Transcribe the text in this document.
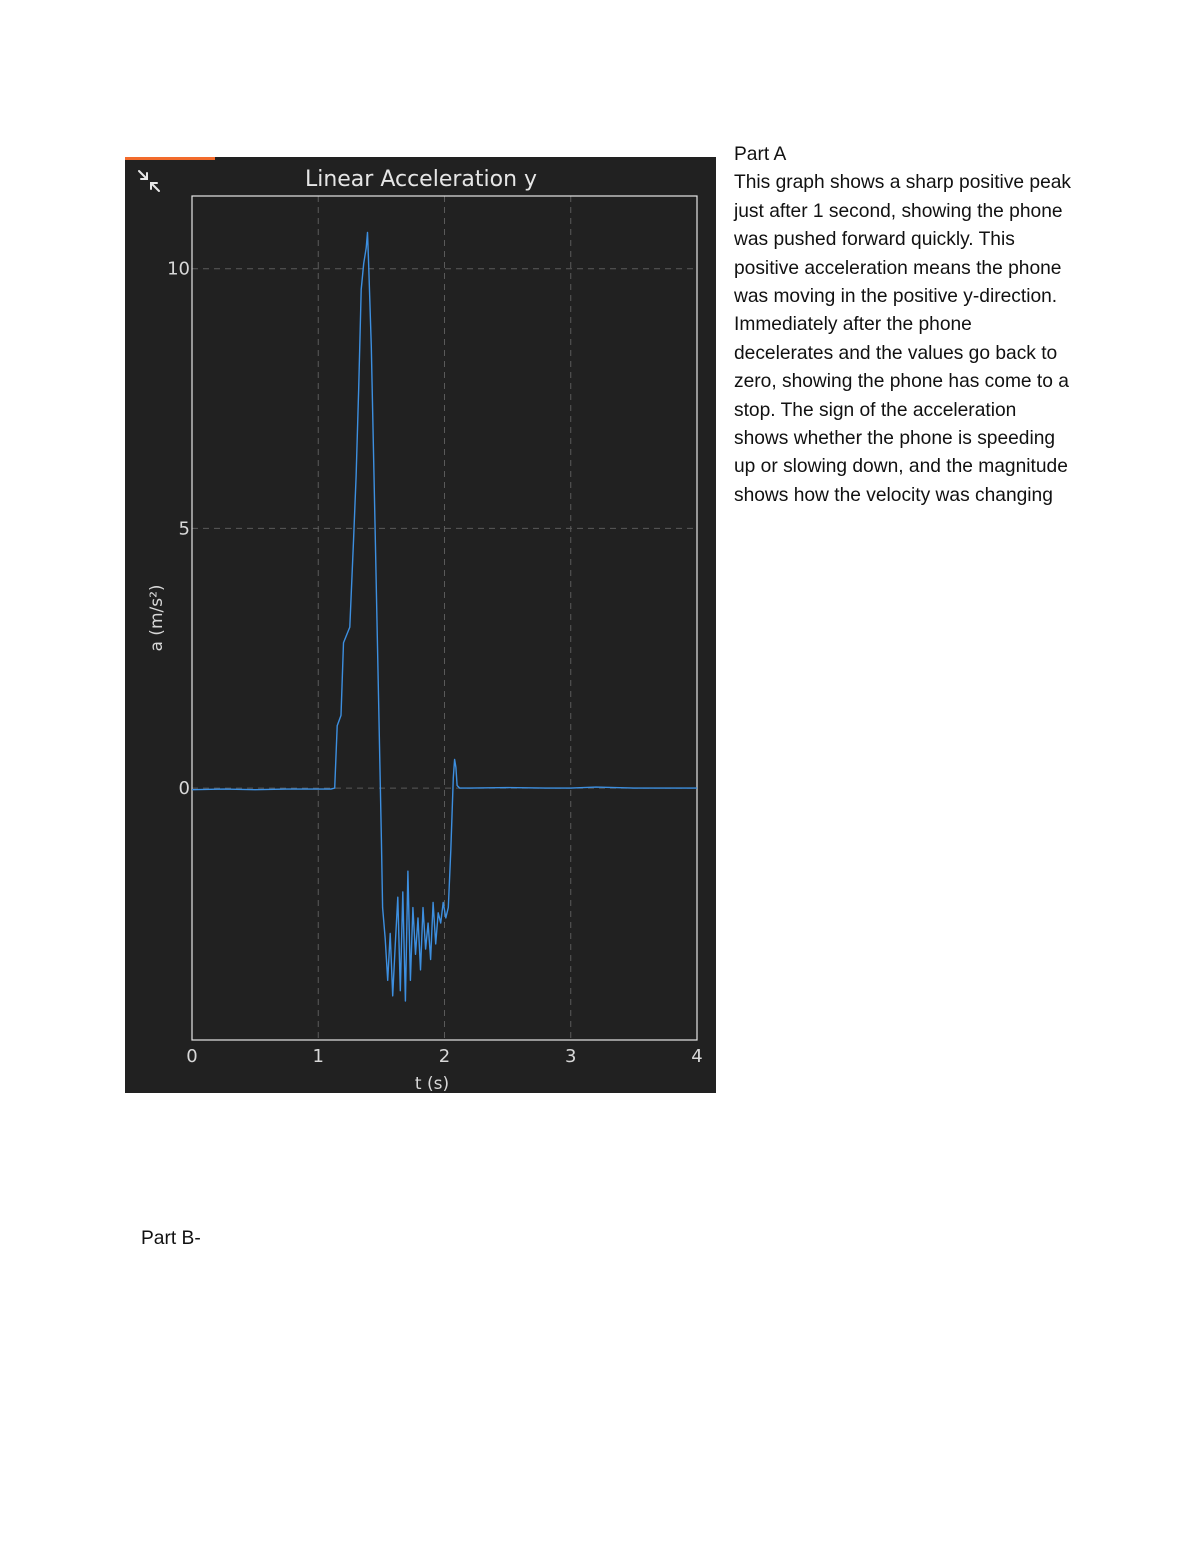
Linear Acceleration y
0	1	2	3	4
0
5
10
t (s)
a (m/s²)

Part A

This graph shows a sharp positive peak just after 1 second, showing the phone was pushed forward quickly. This positive acceleration means the phone was moving in the positive y-direction. Immediately after the phone decelerates and the values go back to zero, showing the phone has come to a stop. The sign of the acceleration shows whether the phone is speeding up or slowing down, and the magnitude shows how the velocity was changing

Part B-
